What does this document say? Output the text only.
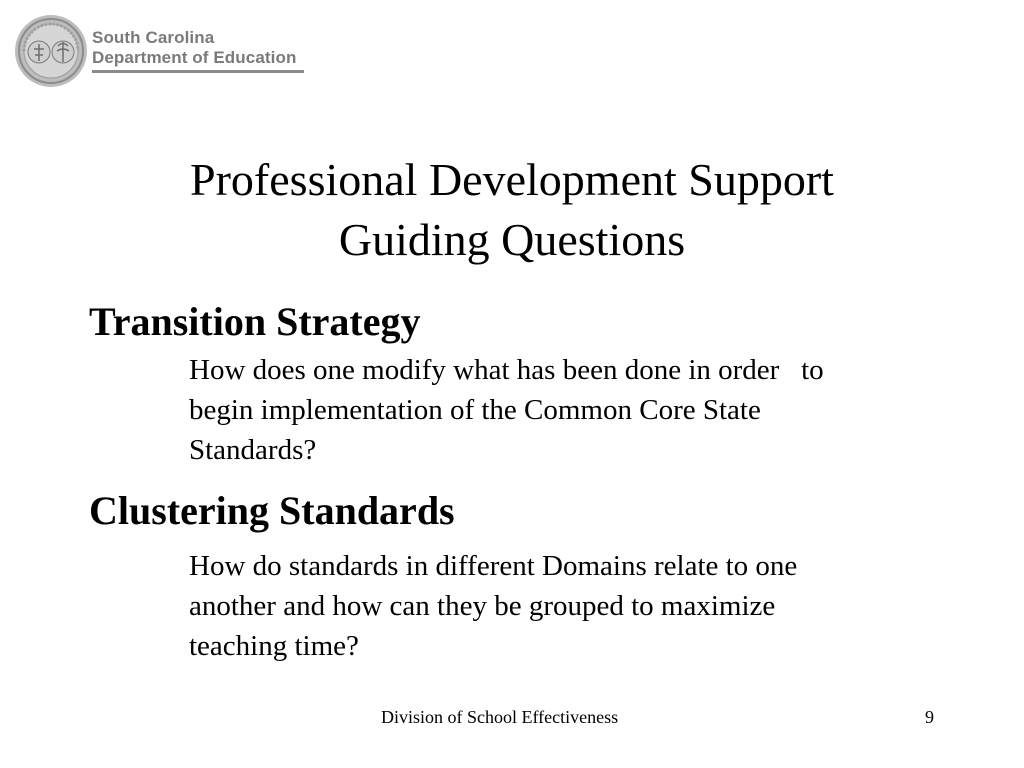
South Carolina
Department of Education
Professional Development Support
Guiding Questions
Transition Strategy
How does one modify what has been done in order   to
begin implementation of the Common Core State
Standards?
Clustering Standards
How do standards in different Domains relate to one
another and how can they be grouped to maximize
teaching time?
Division of School Effectiveness	9
